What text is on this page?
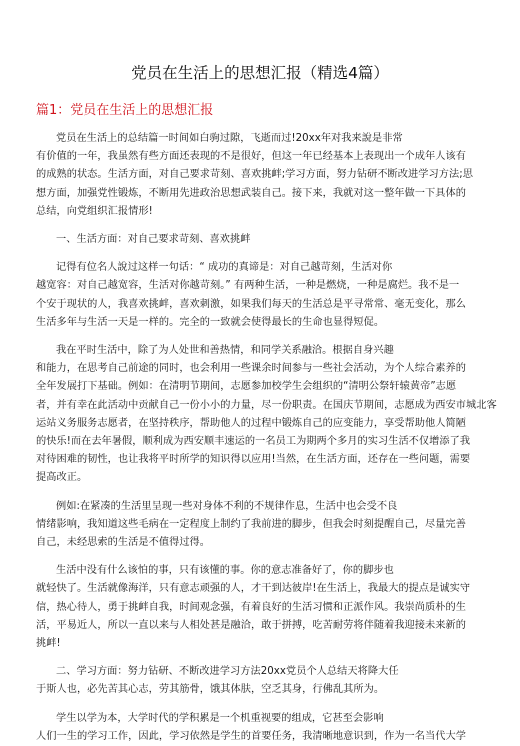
党员在生活上的思想汇报（精选4篇）
篇1：党员在生活上的思想汇报

党员在生活上的总结篇一时间如白驹过隙，飞逝而过!20xx年对我来說是非常
有价值的一年，我虽然有些方面还表现的不是很好，但这一年已经基本上表现出一个成年人该有
的成熟的状态。生活方面，对自己要求苛刻、喜欢挑衅;学习方面，努力钻研不断改进学习方法;思
想方面，加强党性锻炼，不断用先进政治思想武装自己。接下来，我就对这一整年做一下具体的
总结，向党组织汇报情形!

一、生活方面：对自己要求苛刻、喜欢挑衅

记得有位名人說过这样一句话：“ 成功的真谛是：对自己越苛刻，生活对你
越宽容：对自己越宽容，生活对你越苛刻。” 有两种生活，一种是燃烧，一种是腐烂。我不是一
个安于现状的人，我喜欢挑衅，喜欢刺激，如果我们每天的生活总是平寻常常、毫无变化，那么
生活多年与生活一天是一样的。完全的一致就会使得最长的生命也显得短促。

我在平时生活中，除了为人处世和善热情，和同学关系融洽。根据自身兴趣
和能力，在思考自己前途的同时，也会利用一些课余时间参与一些社会活动，为个人综合素养的
全年发展打下基础。例如：在清明节期间，志愿参加校学生会组织的“清明公祭轩辕黄帝”志愿
者，并有幸在此活动中贡献自己一份小小的力量，尽一份职责。在国庆节期间，志愿成为西安市城北客
运站义务服务志愿者，在坚持秩序，帮助他人的过程中锻炼自己的应变能力，享受帮助他人简陋
的快乐!而在去年暑假，顺利成为西安顺丰速运的一名员工为期两个多月的实习生活不仅增添了我
对待困难的韧性，也让我将平时所学的知识得以应用!当然，在生活方面，还存在一些问题，需要
提高改正。

例如:在紧凑的生活里呈现一些对身体不利的不规律作息，生活中也会受不良
情绪影响，我知道这些毛病在一定程度上制约了我前进的脚步，但我会时刻提醒自己，尽量完善
自己，未经思索的生活是不值得过得。

生活中没有什么该怕的事，只有该懂的事。你的意志准备好了，你的脚步也
就轻快了。生活就像海洋，只有意志顽强的人，才干到达彼岸!在生活上，我最大的提点是诚实守
信，热心待人，勇于挑衅自我，时间观念强，有着良好的生活习惯和正派作风。我崇尚质朴的生
活，平易近人，所以一直以来与人相处甚是融洽，敢于拼搏，吃苦耐劳将伴随着我迎接未来新的
挑衅!

二、学习方面：努力钻研、不断改进学习方法20xx党员个人总结天将降大任
于斯人也，必先苦其心志，劳其筋骨，饿其体肤，空乏其身，行佛乱其所为。

学生以学为本，大学时代的学积累是一个机重视要的组成，它甚至会影响
人们一生的学习工作，因此，学习依然是学生的首要任务，我清晰地意识到，作为一名当代大学
